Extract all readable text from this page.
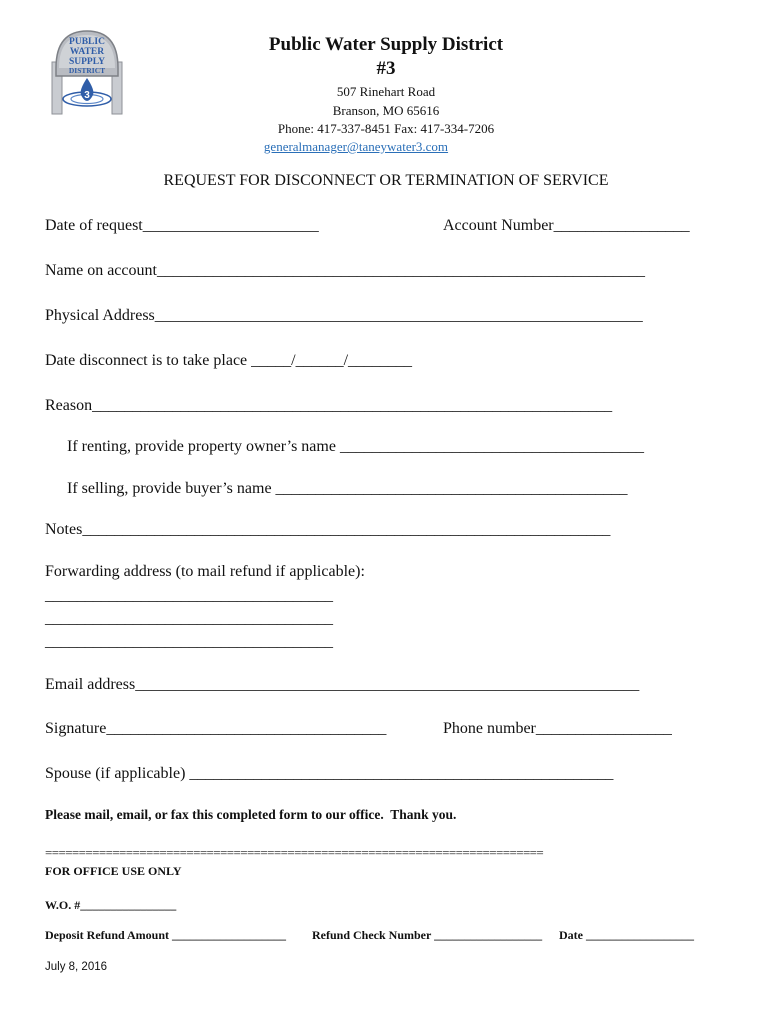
PUBLIC
WATER
SUPPLY
DISTRICT
3
Public Water Supply District
#3
507 Rinehart Road
Branson, MO 65616
Phone: 417-337-8451 Fax: 417-334-7206
generalmanager@taneywater3.com
REQUEST FOR DISCONNECT OR TERMINATION OF SERVICE
Date of request______________________	Account Number_________________
Name on account_____________________________________________________________
Physical Address_____________________________________________________________
Date disconnect is to take place _____/______/________
Reason_________________________________________________________________
If renting, provide property owner’s name ______________________________________
If selling, provide buyer’s name ____________________________________________
Notes__________________________________________________________________
Forwarding address (to mail refund if applicable):
____________________________________
____________________________________
____________________________________
Email address_______________________________________________________________
Signature___________________________________	Phone number_________________
Spouse (if applicable) _____________________________________________________
Please mail, email, or fax this completed form to our office.  Thank you.
==========================================================================
FOR OFFICE USE ONLY
W.O. #________________
Deposit Refund Amount ___________________ Refund Check Number __________________ Date __________________
July 8, 2016
